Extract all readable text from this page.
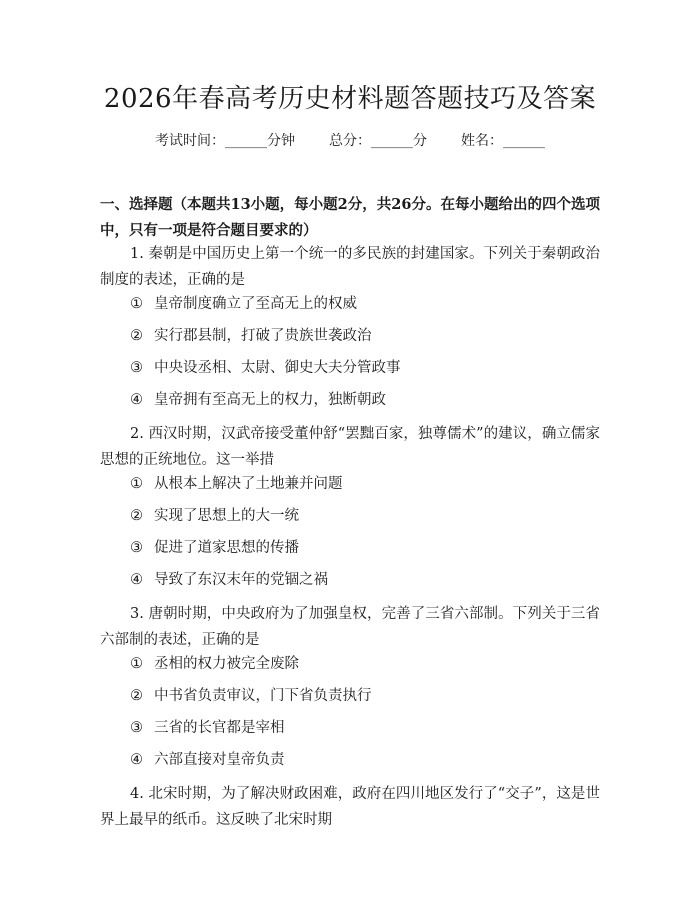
2026年春高考历史材料题答题技巧及答案
考试时间：______分钟 总分：______分 姓名：______
一、选择题（本题共13小题，每小题2分，共26分。在每小题给出的四个选项中，只有一项是符合题目要求的）
1. 秦朝是中国历史上第一个统一的多民族的封建国家。下列关于秦朝政治制度的表述，正确的是
① 皇帝制度确立了至高无上的权威
② 实行郡县制，打破了贵族世袭政治
③ 中央设丞相、太尉、御史大夫分管政事
④ 皇帝拥有至高无上的权力，独断朝政
2. 西汉时期，汉武帝接受董仲舒“罢黜百家，独尊儒术”的建议，确立儒家思想的正统地位。这一举措
① 从根本上解决了土地兼并问题
② 实现了思想上的大一统
③ 促进了道家思想的传播
④ 导致了东汉末年的党锢之祸
3. 唐朝时期，中央政府为了加强皇权，完善了三省六部制。下列关于三省六部制的表述，正确的是
① 丞相的权力被完全废除
② 中书省负责审议，门下省负责执行
③ 三省的长官都是宰相
④ 六部直接对皇帝负责
4. 北宋时期，为了解决财政困难，政府在四川地区发行了“交子”，这是世界上最早的纸币。这反映了北宋时期
